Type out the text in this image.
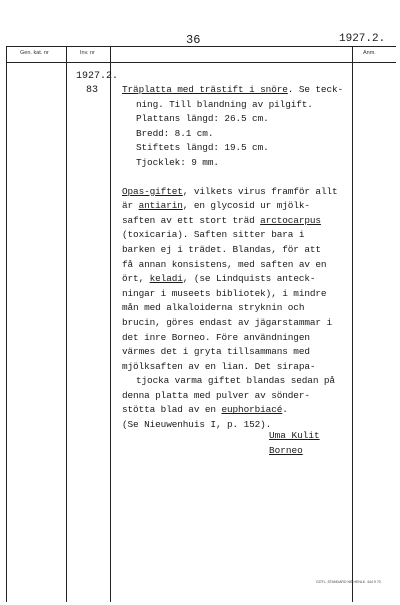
36	1927.2.
Gen. kat. nr	Inv. nr	Anm.
1927.2.
83	Träplatta med trästift i snöre. Se teck-
ning. Till blandning av pilgift.
Plattans längd: 26.5 cm.
Bredd: 8.1 cm.
Stiftets längd: 19.5 cm.
Tjocklek: 9 mm.
Opas-giftet, vilkets virus framför allt
är antiarin, en glycosid ur mjölk-
saften av ett stort träd arctocarpus
(toxicaria). Saften sitter bara i
barken ej i trädet. Blandas, för att
få annan konsistens, med saften av en
ört, keladi, (se Lindquists anteck-
ningar i museets bibliotek), i mindre
mån med alkaloiderna stryknin och
brucin, göres endast av jägarstammar i
det inre Borneo. Före användningen
värmes det i gryta tillsammans med
mjölksaften av en lian. Det sirapa-
tjocka varma giftet blandas sedan på
denna platta med pulver av sönder-
stötta blad av en euphorbiacé.
(Se Nieuwenhuis I, p. 152).
Uma Kulit
Borneo
GÖTL. STANDARD NR HENLK. 444 9 70
